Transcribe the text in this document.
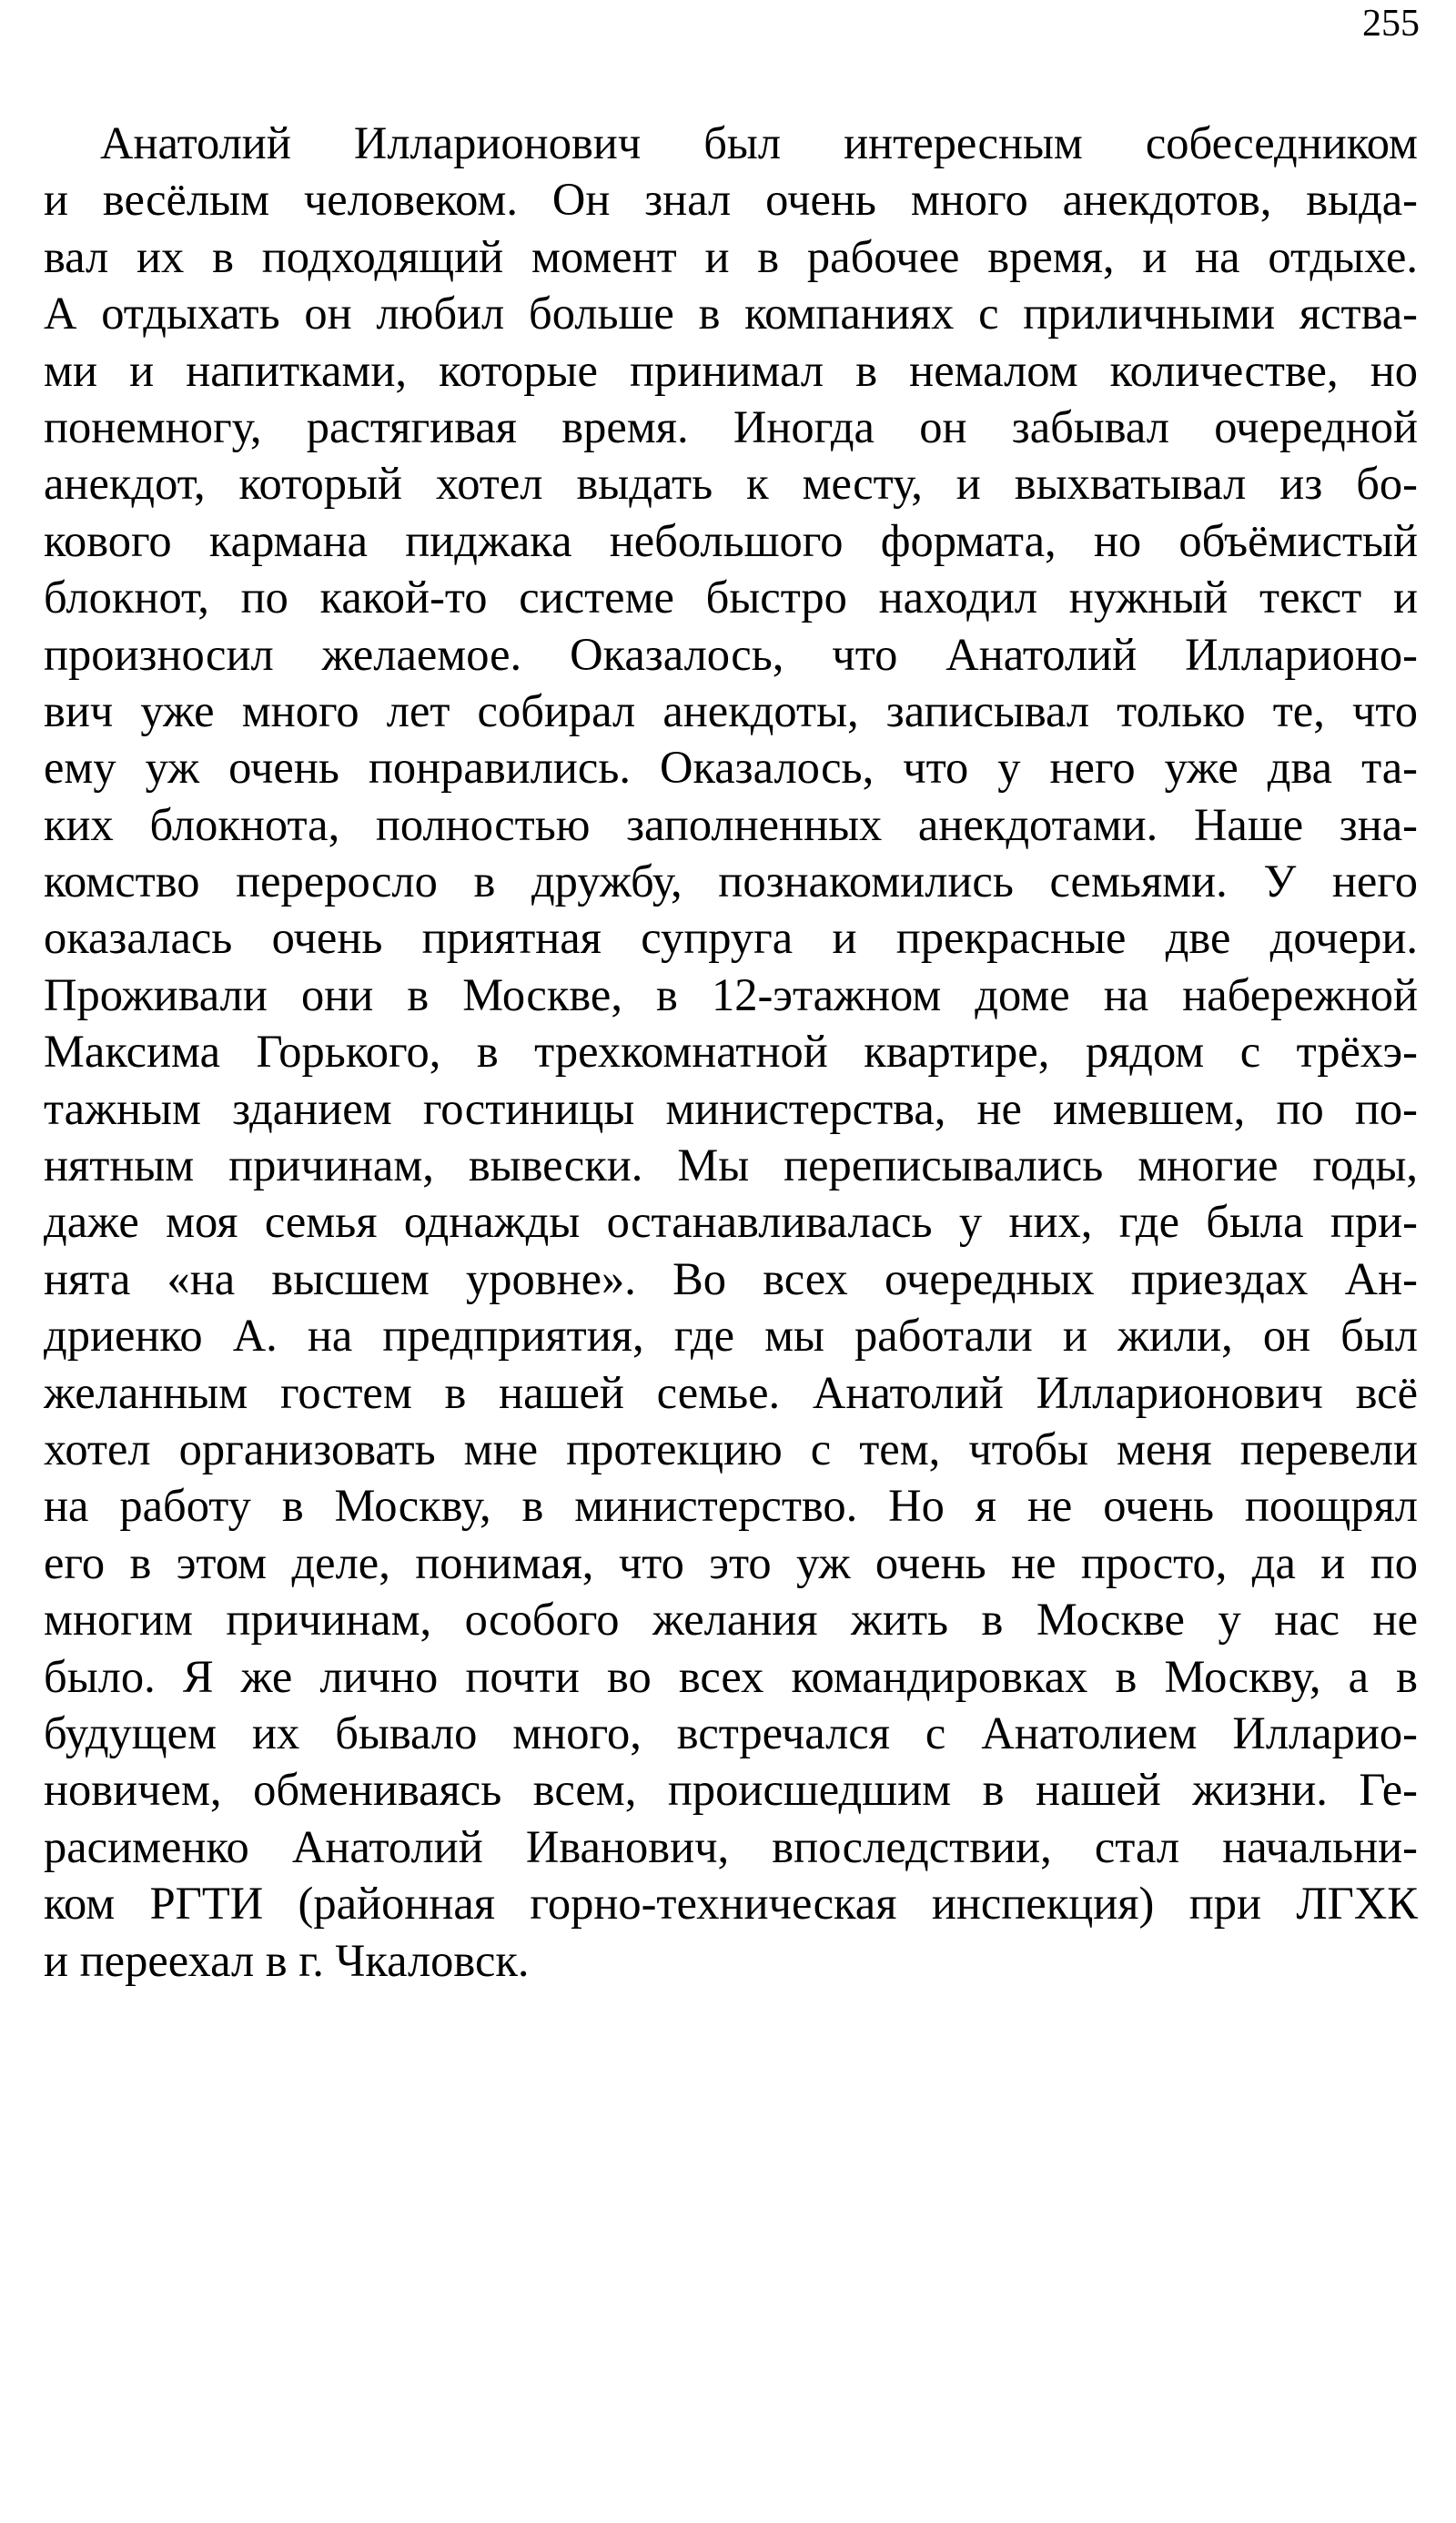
255
Анатолий Илларионович был интересным собеседником
и весёлым человеком. Он знал очень много анекдотов, выда-
вал их в подходящий момент и в рабочее время, и на отдыхе.
А отдыхать он любил больше в компаниях с приличными яства-
ми и напитками, которые принимал в немалом количестве, но
понемногу, растягивая время. Иногда он забывал очередной
анекдот, который хотел выдать к месту, и выхватывал из бо-
кового кармана пиджака небольшого формата, но объёмистый
блокнот, по какой-то системе быстро находил нужный текст и
произносил желаемое. Оказалось, что Анатолий Илларионо-
вич уже много лет собирал анекдоты, записывал только те, что
ему уж очень понравились. Оказалось, что у него уже два та-
ких блокнота, полностью заполненных анекдотами. Наше зна-
комство переросло в дружбу, познакомились семьями. У него
оказалась очень приятная супруга и прекрасные две дочери.
Проживали они в Москве, в 12-этажном доме на набережной
Максима Горького, в трехкомнатной квартире, рядом с трёхэ-
тажным зданием гостиницы министерства, не имевшем, по по-
нятным причинам, вывески. Мы переписывались многие годы,
даже моя семья однажды останавливалась у них, где была при-
нята «на высшем уровне». Во всех очередных приездах Ан-
дриенко А. на предприятия, где мы работали и жили, он был
желанным гостем в нашей семье. Анатолий Илларионович всё
хотел организовать мне протекцию с тем, чтобы меня перевели
на работу в Москву, в министерство. Но я не очень поощрял
его в этом деле, понимая, что это уж очень не просто, да и по
многим причинам, особого желания жить в Москве у нас не
было. Я же лично почти во всех командировках в Москву, а в
будущем их бывало много, встречался с Анатолием Илларио-
новичем, обмениваясь всем, происшедшим в нашей жизни. Ге-
расименко Анатолий Иванович, впоследствии, стал начальни-
ком РГТИ (районная горно-техническая инспекция) при ЛГХК
и переехал в г. Чкаловск.
